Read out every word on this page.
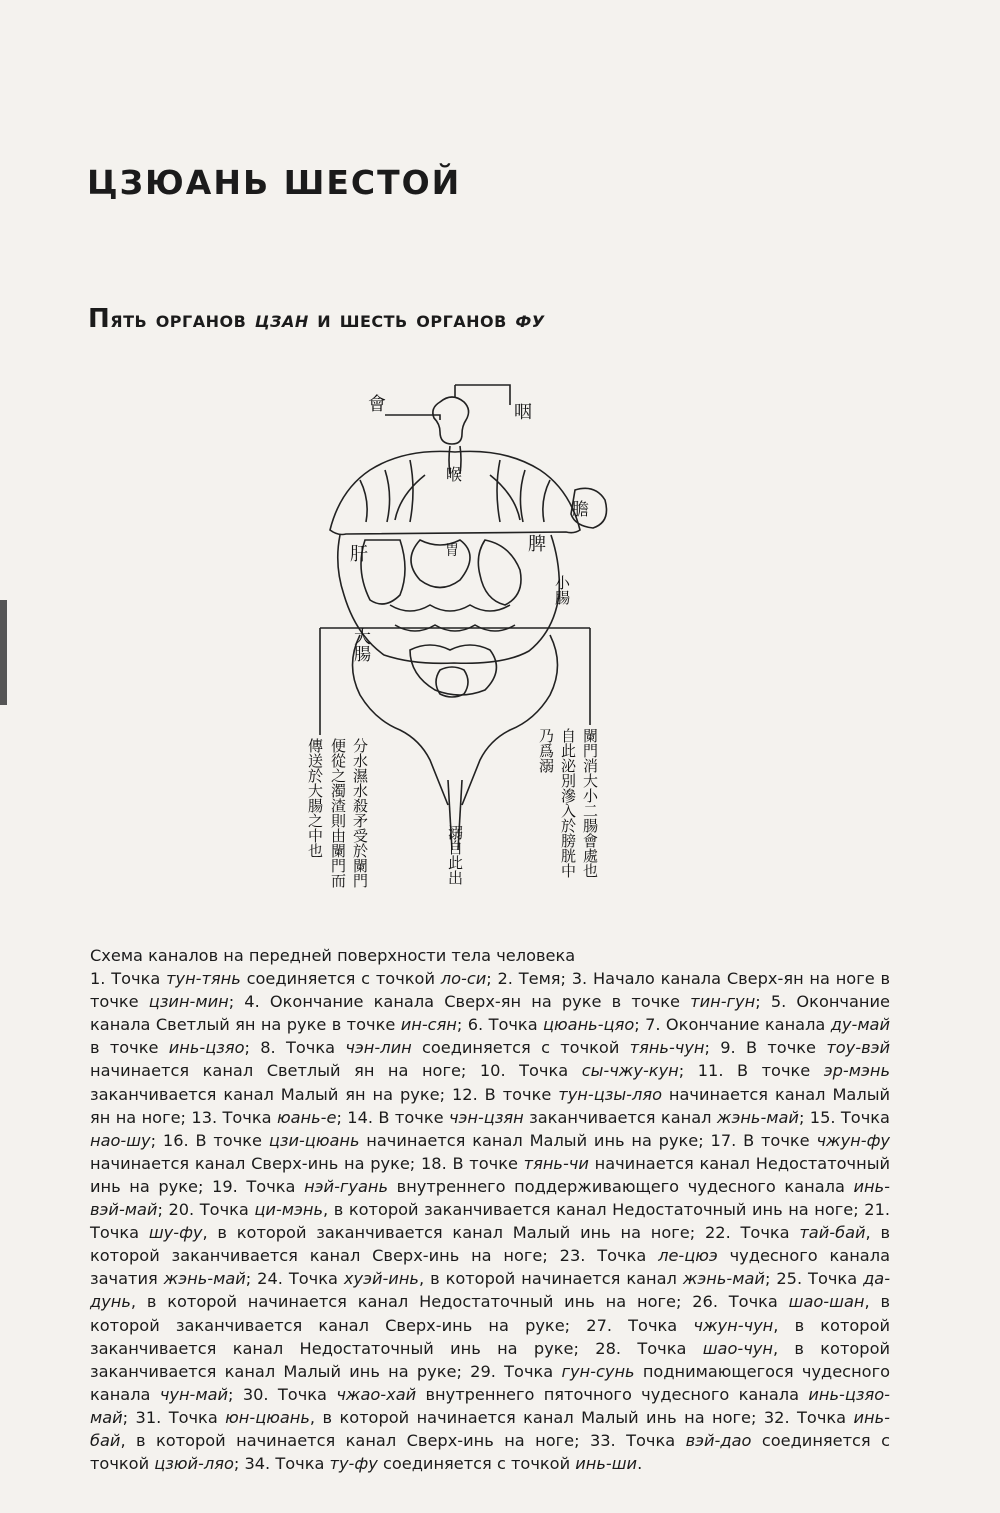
ЦЗЮАНЬ ШЕСТОЙ
Пять органов цзан и шесть органов фу
會	咽
喉
肝	胃	脾
膽
小腸
大腸
傳送於大腸之中也 便從之濁渣則由闌門而 分水濕水殺矛受於闌門	溺自此出	闌門消大小二腸會處也
自此泌別滲入於膀胱中
乃爲溺

Схема каналов на передней поверхности тела человека
1. Точка тун-тянь соединяется с точкой ло-си; 2. Темя; 3. Начало канала Сверх-ян на ноге в точке цзин-мин; 4. Окончание канала Сверх-ян на руке в точке тин-гун; 5. Окончание канала Светлый ян на руке в точке ин-сян; 6. Точка цюань-цяо; 7. Окончание канала ду-май в точке инь-цзяо; 8. Точка чэн-лин соединяется с точкой тянь-чун; 9. В точке тоу-вэй начинается канал Светлый ян на ноге; 10. Точка сы-чжу-кун; 11. В точке эр-мэнь заканчивается канал Малый ян на руке; 12. В точке тун-цзы-ляо начинается канал Малый ян на ноге; 13. Точка юань-е; 14. В точке чэн-цзян заканчивается канал жэнь-май; 15. Точка нао-шу; 16. В точке цзи-цюань начинается канал Малый инь на руке; 17. В точке чжун-фу начинается канал Сверх-инь на руке; 18. В точке тянь-чи начинается канал Недостаточный инь на руке; 19. Точка нэй-гуань внутреннего поддерживающего чудесного канала инь-вэй-май; 20. Точка ци-мэнь, в которой заканчивается канал Недостаточный инь на ноге; 21. Точка шу-фу, в которой заканчивается канал Малый инь на ноге; 22. Точка тай-бай, в которой заканчивается канал Сверх-инь на ноге; 23. Точка ле-цюэ чудесного канала зачатия жэнь-май; 24. Точка хуэй-инь, в которой начинается канал жэнь-май; 25. Точка да-дунь, в которой начинается канал Недостаточный инь на ноге; 26. Точка шао-шан, в которой заканчивается канал Сверх-инь на руке; 27. Точка чжун-чун, в которой заканчивается канал Недостаточный инь на руке; 28. Точка шао-чун, в которой заканчивается канал Малый инь на руке; 29. Точка гун-сунь поднимающегося чудесного канала чун-май; 30. Точка чжао-хай внутреннего пяточного чудесного канала инь-цзяо-май; 31. Точка юн-цюань, в которой начинается канал Малый инь на ноге; 32. Точка инь-бай, в которой начинается канал Сверх-инь на ноге; 33. Точка вэй-дао соединяется с точкой цзюй-ляо; 34. Точка ту-фу соединяется с точкой инь-ши.
